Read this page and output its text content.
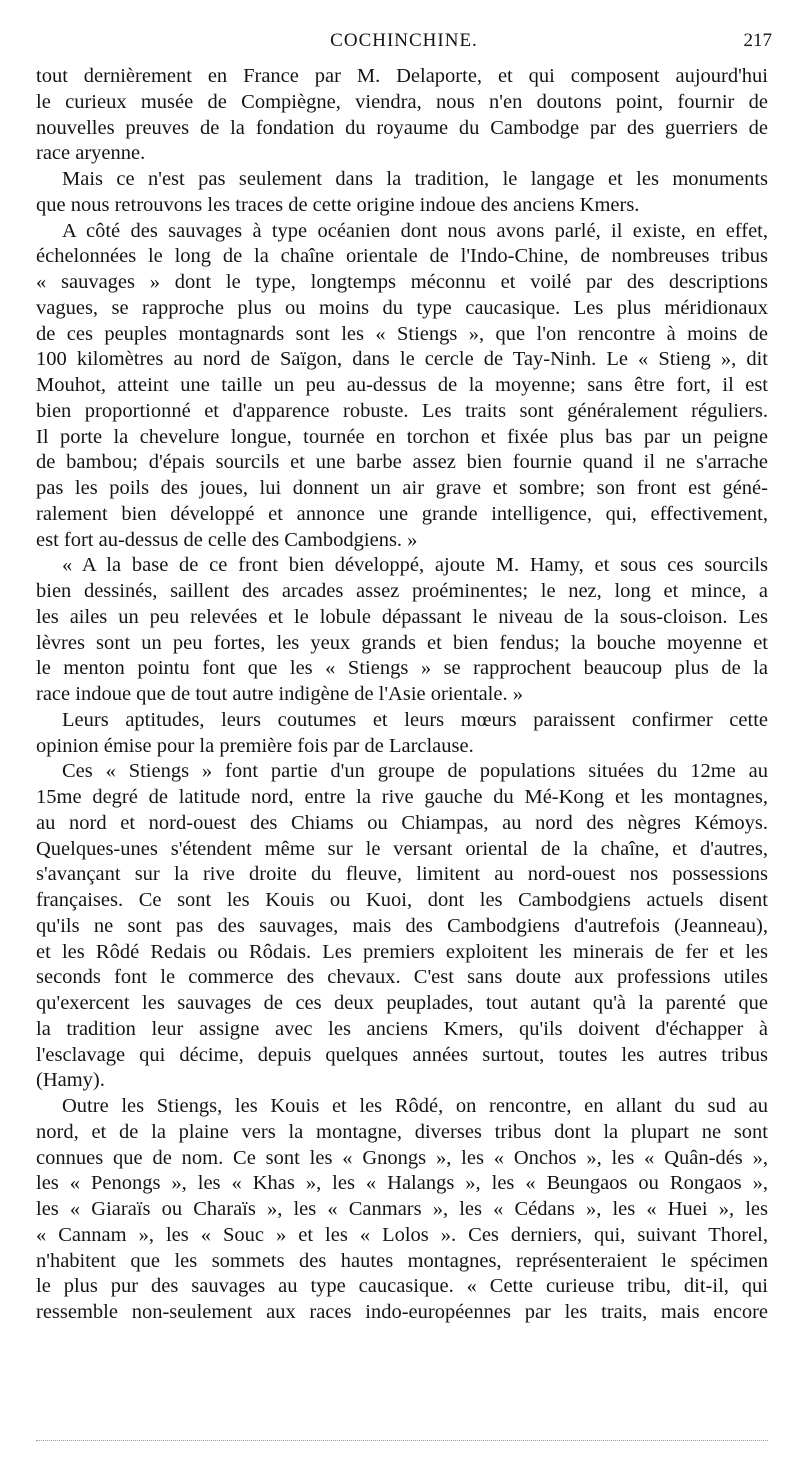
COCHINCHINE.	217
tout dernièrement en France par M. Delaporte, et qui composent aujourd'hui
le curieux musée de Compiègne, viendra, nous n'en doutons point, fournir de
nouvelles preuves de la fondation du royaume du Cambodge par des guerriers de
race aryenne.
Mais ce n'est pas seulement dans la tradition, le langage et les monuments
que nous retrouvons les traces de cette origine indoue des anciens Kmers.
A côté des sauvages à type océanien dont nous avons parlé, il existe, en effet,
échelonnées le long de la chaîne orientale de l'Indo-Chine, de nombreuses tribus
« sauvages » dont le type, longtemps méconnu et voilé par des descriptions
vagues, se rapproche plus ou moins du type caucasique. Les plus méridionaux
de ces peuples montagnards sont les « Stiengs », que l'on rencontre à moins de
100 kilomètres au nord de Saïgon, dans le cercle de Tay-Ninh. Le « Stieng », dit
Mouhot, atteint une taille un peu au-dessus de la moyenne; sans être fort, il est
bien proportionné et d'apparence robuste. Les traits sont généralement réguliers.
Il porte la chevelure longue, tournée en torchon et fixée plus bas par un peigne
de bambou; d'épais sourcils et une barbe assez bien fournie quand il ne s'arrache
pas les poils des joues, lui donnent un air grave et sombre; son front est géné-
ralement bien développé et annonce une grande intelligence, qui, effectivement,
est fort au-dessus de celle des Cambodgiens. »
« A la base de ce front bien développé, ajoute M. Hamy, et sous ces sourcils
bien dessinés, saillent des arcades assez proéminentes; le nez, long et mince, a
les ailes un peu relevées et le lobule dépassant le niveau de la sous-cloison. Les
lèvres sont un peu fortes, les yeux grands et bien fendus; la bouche moyenne et
le menton pointu font que les « Stiengs » se rapprochent beaucoup plus de la
race indoue que de tout autre indigène de l'Asie orientale. »
Leurs aptitudes, leurs coutumes et leurs mœurs paraissent confirmer cette
opinion émise pour la première fois par de Larclause.
Ces « Stiengs » font partie d'un groupe de populations situées du 12me au
15me degré de latitude nord, entre la rive gauche du Mé-Kong et les montagnes,
au nord et nord-ouest des Chiams ou Chiampas, au nord des nègres Kémoys.
Quelques-unes s'étendent même sur le versant oriental de la chaîne, et d'autres,
s'avançant sur la rive droite du fleuve, limitent au nord-ouest nos possessions
françaises. Ce sont les Kouis ou Kuoi, dont les Cambodgiens actuels disent
qu'ils ne sont pas des sauvages, mais des Cambodgiens d'autrefois (Jeanneau),
et les Rôdé Redais ou Rôdais. Les premiers exploitent les minerais de fer et les
seconds font le commerce des chevaux. C'est sans doute aux professions utiles
qu'exercent les sauvages de ces deux peuplades, tout autant qu'à la parenté que
la tradition leur assigne avec les anciens Kmers, qu'ils doivent d'échapper à
l'esclavage qui décime, depuis quelques années surtout, toutes les autres tribus
(Hamy).
Outre les Stiengs, les Kouis et les Rôdé, on rencontre, en allant du sud au
nord, et de la plaine vers la montagne, diverses tribus dont la plupart ne sont
connues que de nom. Ce sont les « Gnongs », les « Onchos », les « Quân-dés »,
les « Penongs », les « Khas », les « Halangs », les « Beungaos ou Rongaos »,
les « Giaraïs ou Charaïs », les « Canmars », les « Cédans », les « Huei », les
« Cannam », les « Souc » et les « Lolos ». Ces derniers, qui, suivant Thorel,
n'habitent que les sommets des hautes montagnes, représenteraient le spécimen
le plus pur des sauvages au type caucasique. « Cette curieuse tribu, dit-il, qui
ressemble non-seulement aux races indo-européennes par les traits, mais encore
